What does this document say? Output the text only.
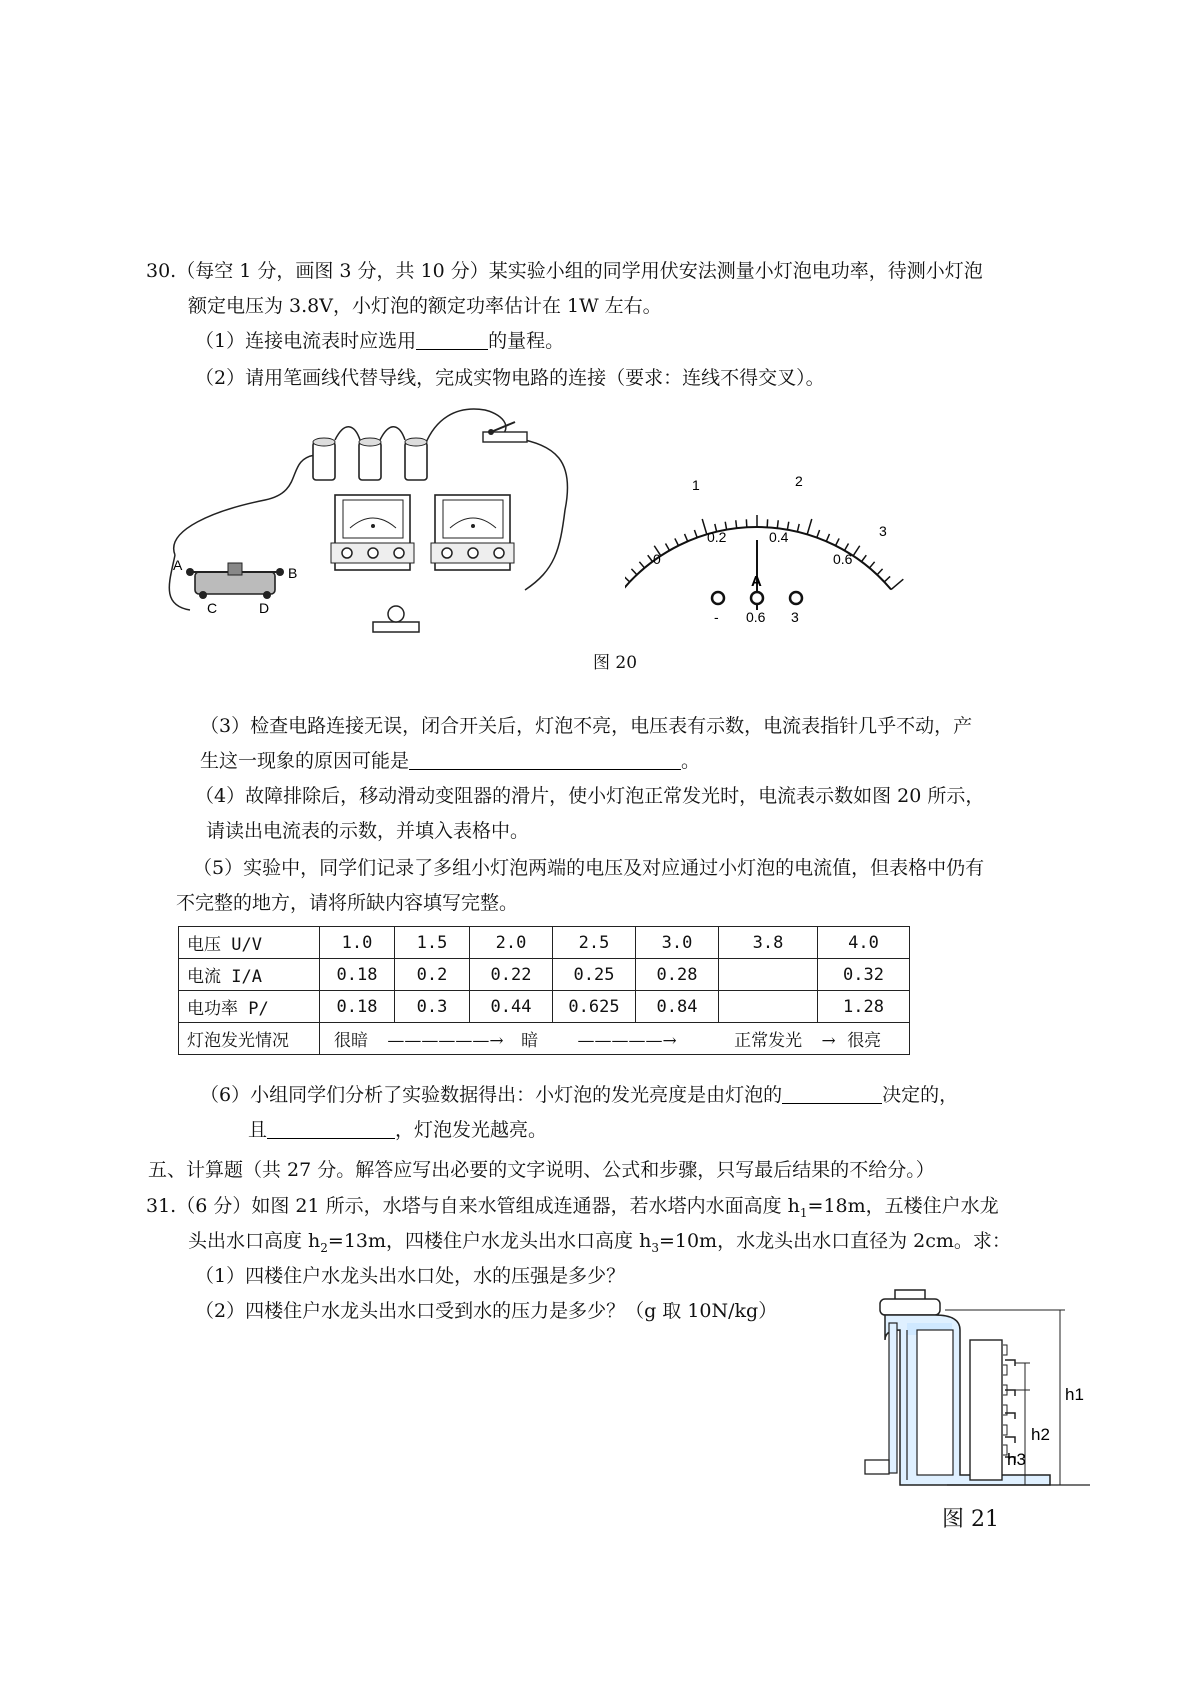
30.（每空 1 分，画图 3 分，共 10 分）某实验小组的同学用伏安法测量小灯泡电功率，待测小灯泡
额定电压为 3.8V，小灯泡的额定功率估计在 1W 左右。
（1）连接电流表时应选用	的量程。
（2）请用笔画线代替导线，完成实物电路的连接（要求：连线不得交叉）。
A	B
C	D
1	2
3
0
0.2	0.4
0.6
A
- 0.6 3
图 20
（3）检查电路连接无误，闭合开关后，灯泡不亮，电压表有示数，电流表指针几乎不动，产
生这一现象的原因可能是	。
（4）故障排除后，移动滑动变阻器的滑片，使小灯泡正常发光时，电流表示数如图 20 所示，
请读出电流表的示数，并填入表格中。
（5）实验中，同学们记录了多组小灯泡两端的电压及对应通过小灯泡的电流值，但表格中仍有
不完整的地方，请将所缺内容填写完整。
电压 U/V	1.0	1.5	2.0	2.5	3.0	3.8	4.0
电流 I/A	0.18	0.2	0.22	0.25	0.28		0.32
电功率 P/	0.18	0.3	0.44	0.625	0.84		1.28
灯泡发光情况	很暗 ——————→ 暗 —————→ 正常发光 → 很亮						
（6）小组同学们分析了实验数据得出：小灯泡的发光亮度是由灯泡的	决定的，
且	，灯泡发光越亮。
五、计算题（共 27 分。解答应写出必要的文字说明、公式和步骤，只写最后结果的不给分。）
31.（6 分）如图 21 所示，水塔与自来水管组成连通器，若水塔内水面高度 $h_1=18m$，五楼住户水龙
头出水口高度 $h_2=13m$，四楼住户水龙头出水口高度 $h_3=10m$，水龙头出水口直径为 2cm。求：
（1）四楼住户水龙头出水口处，水的压强是多少？
（2）四楼住户水龙头出水口受到水的压力是多少？（g 取 10N/kg）
h1
h2
h3
图 21
